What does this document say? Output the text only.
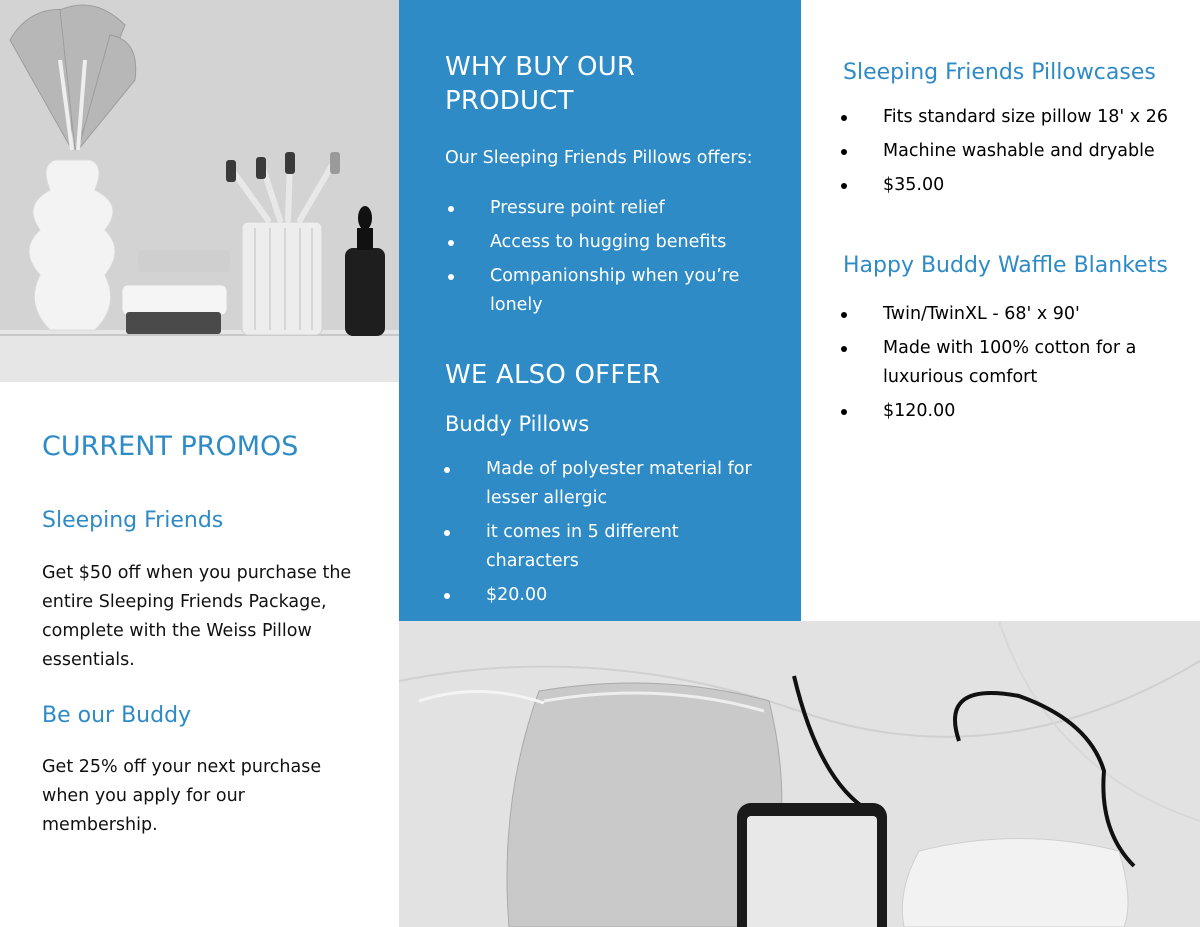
WHY BUY OUR
PRODUCT
Our Sleeping Friends Pillows offers:
Pressure point relief
Access to hugging benefits
Companionship when you’re
lonely
WE ALSO OFFER
Buddy Pillows
Made of polyester material for
lesser allergic
it comes in 5 different
characters
$20.00
CURRENT PROMOS
Sleeping Friends
Get $50 off when you purchase the
entire Sleeping Friends Package,
complete with the Weiss Pillow
essentials.
Be our Buddy
Get 25% off your next purchase
when you apply for our
membership.
Sleeping Friends Pillowcases
Fits standard size pillow 18' x 26
Machine washable and dryable
$35.00
Happy Buddy Waffle Blankets
Twin/TwinXL - 68' x 90'
Made with 100% cotton for a
luxurious comfort
$120.00
